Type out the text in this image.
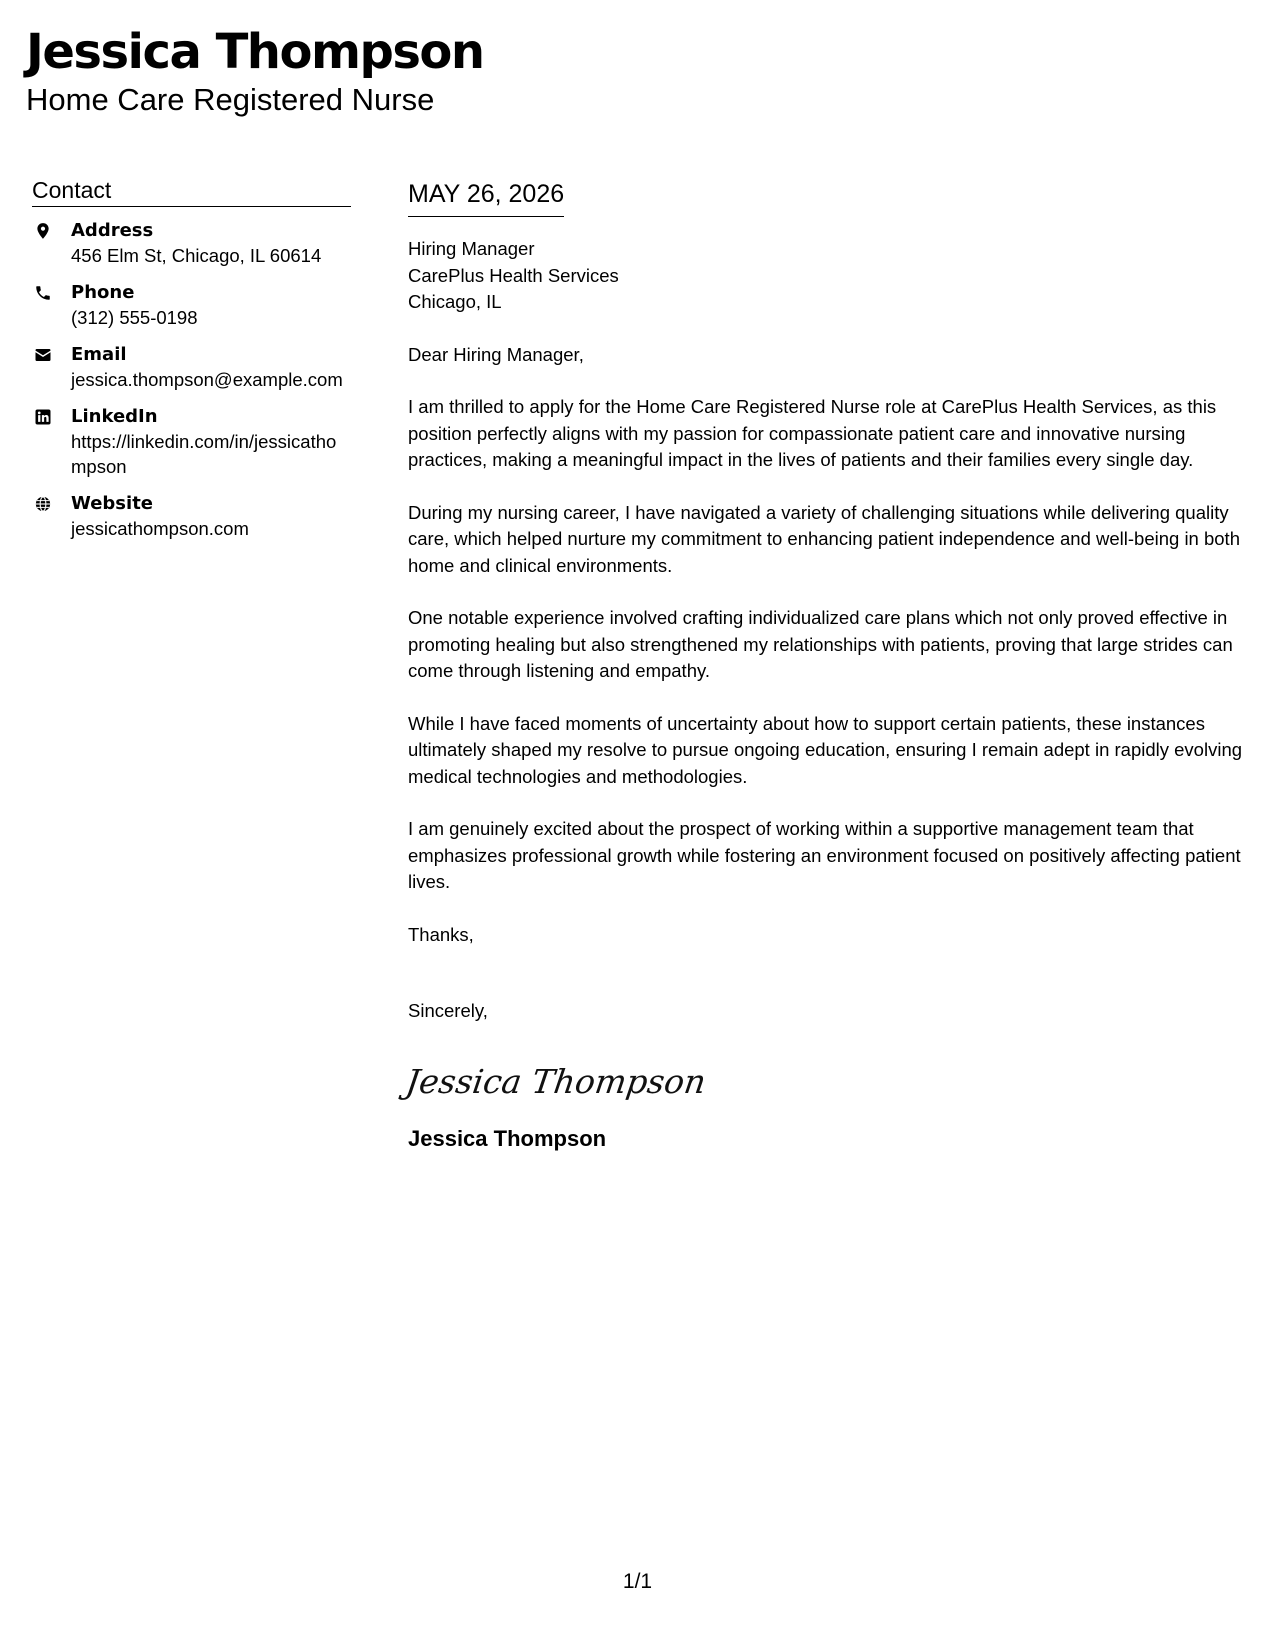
Jessica Thompson
Home Care Registered Nurse
Contact
Address
456 Elm St, Chicago, IL 60614
Phone
(312) 555-0198
Email
jessica.thompson@example.com
LinkedIn
https://linkedin.com/in/jessicathompson
Website
jessicathompson.com
MAY 26, 2026
Hiring Manager
CarePlus Health Services
Chicago, IL

Dear Hiring Manager,

I am thrilled to apply for the Home Care Registered Nurse role at CarePlus Health Services, as this position perfectly aligns with my passion for compassionate patient care and innovative nursing practices, making a meaningful impact in the lives of patients and their families every single day.

During my nursing career, I have navigated a variety of challenging situations while delivering quality care, which helped nurture my commitment to enhancing patient independence and well-being in both home and clinical environments.

One notable experience involved crafting individualized care plans which not only proved effective in promoting healing but also strengthened my relationships with patients, proving that large strides can come through listening and empathy.

While I have faced moments of uncertainty about how to support certain patients, these instances ultimately shaped my resolve to pursue ongoing education, ensuring I remain adept in rapidly evolving medical technologies and methodologies.

I am genuinely excited about the prospect of working within a supportive management team that emphasizes professional growth while fostering an environment focused on positively affecting patient lives.

Thanks,

Sincerely,

Jessica Thompson
Jessica Thompson
1/1
